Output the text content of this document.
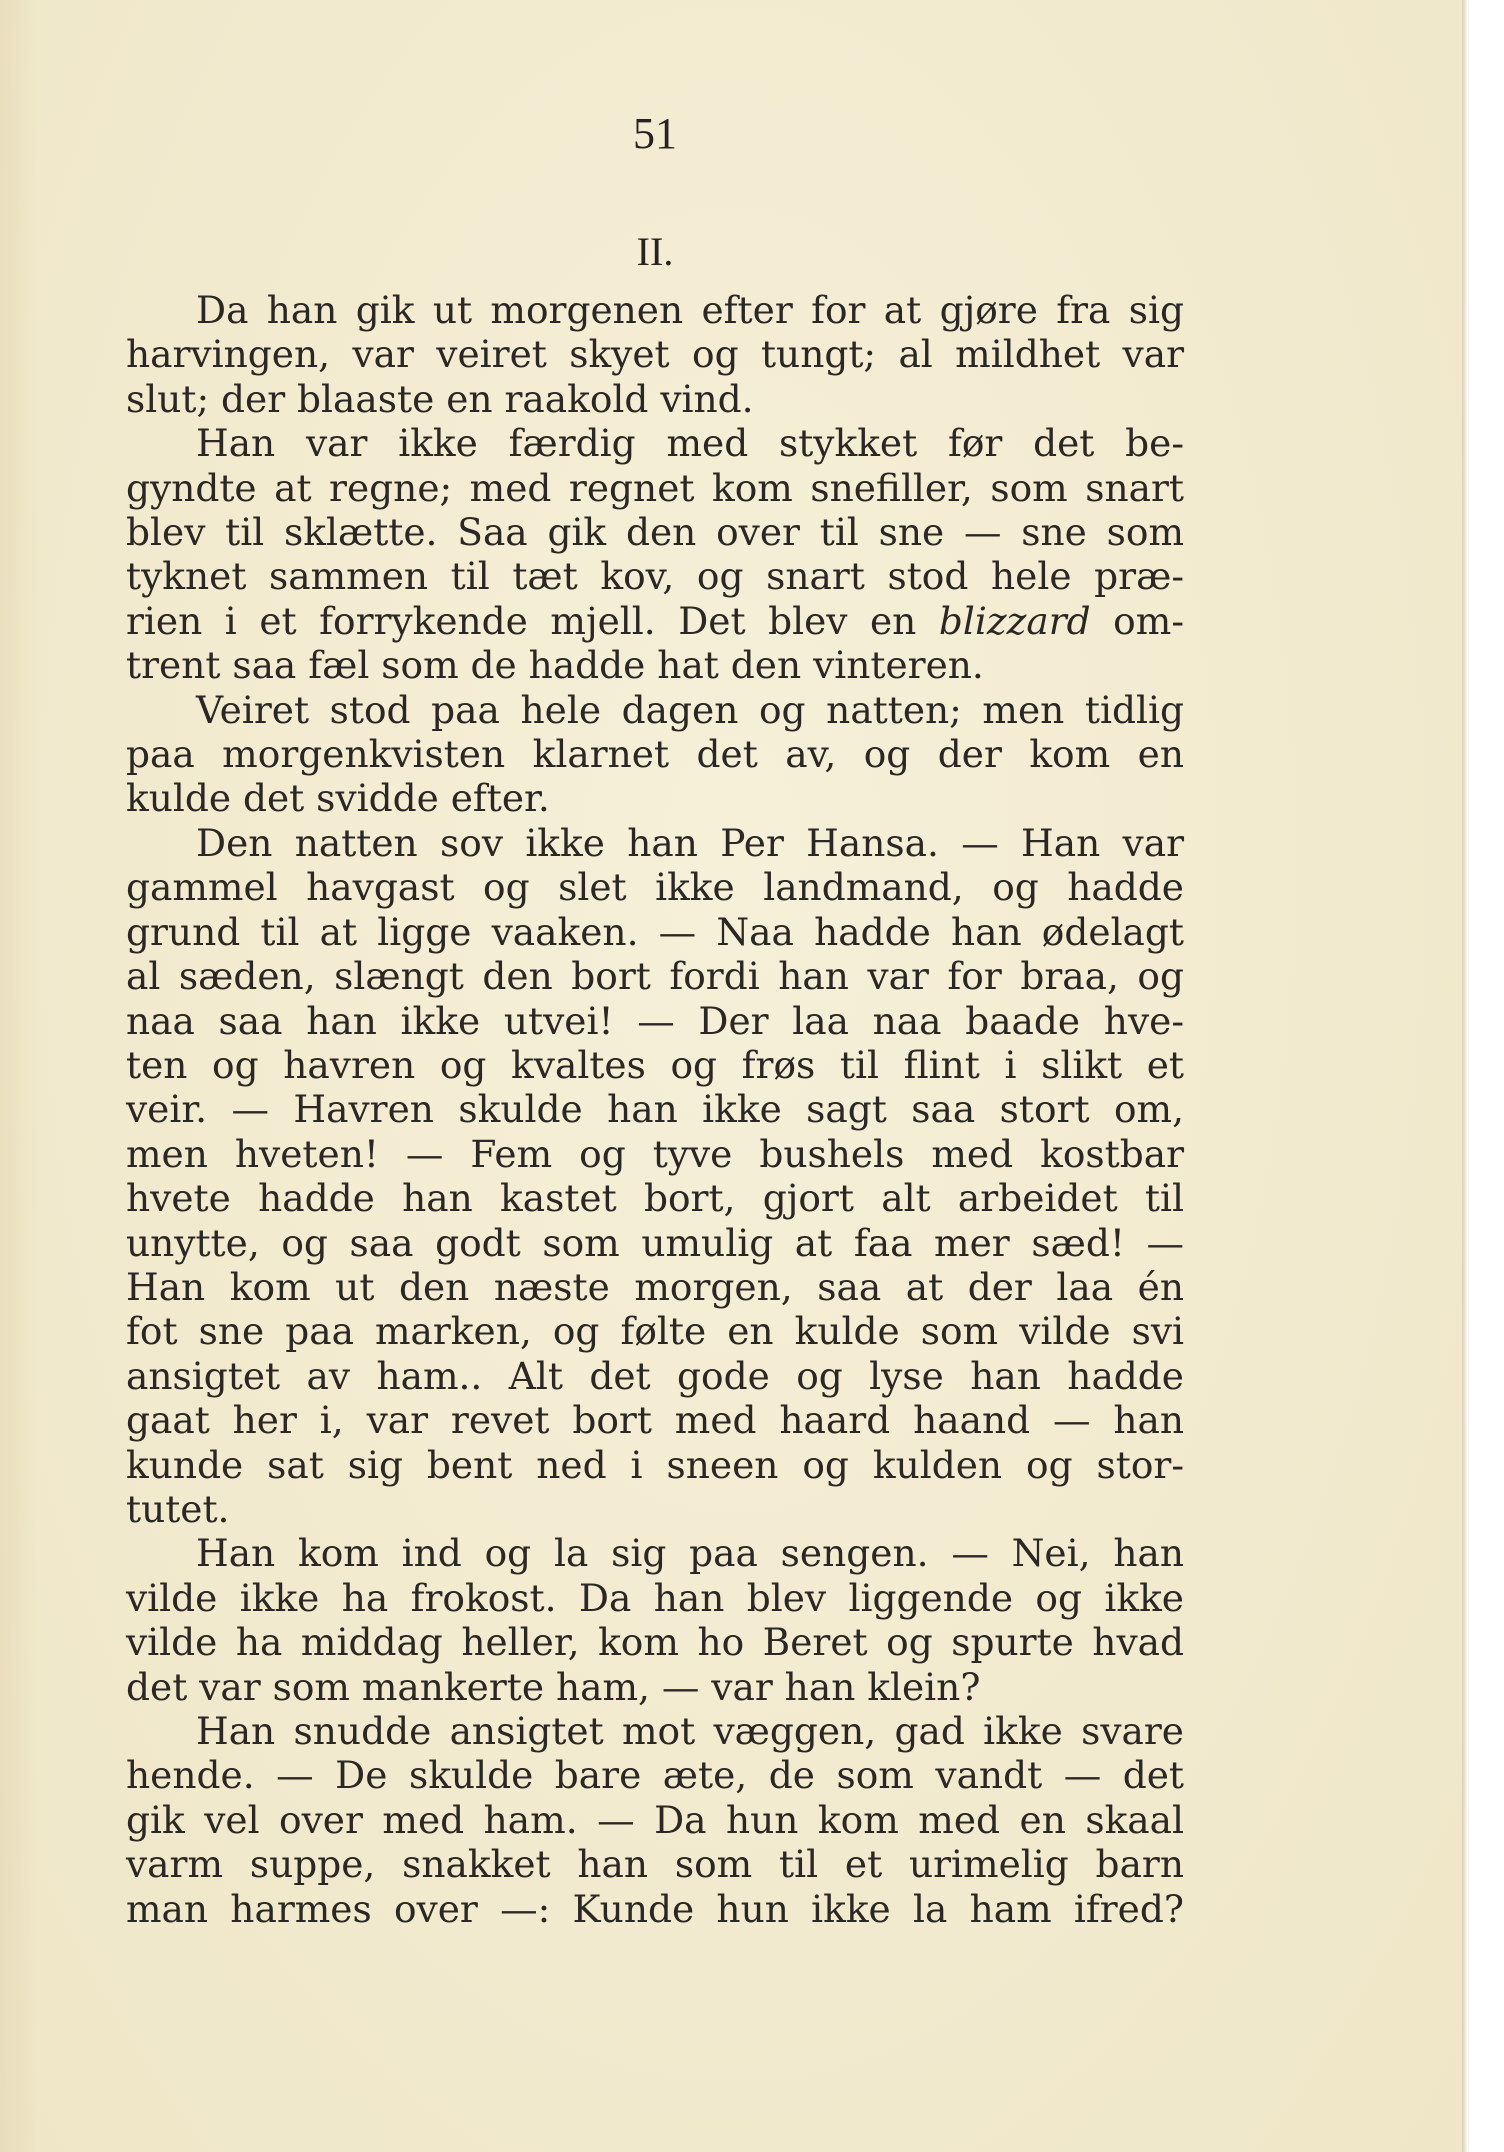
51
II.
Da han gik ut morgenen efter for at gjøre fra sig
harvingen, var veiret skyet og tungt; al mildhet var
slut; der blaaste en raakold vind.
Han var ikke færdig med stykket før det be-
gyndte at regne; med regnet kom snefiller, som snart
blev til sklætte. Saa gik den over til sne — sne som
tyknet sammen til tæt kov, og snart stod hele præ-
rien i et forrykende mjell. Det blev en blizzard om-
trent saa fæl som de hadde hat den vinteren.
Veiret stod paa hele dagen og natten; men tidlig
paa morgenkvisten klarnet det av, og der kom en
kulde det svidde efter.
Den natten sov ikke han Per Hansa. — Han var
gammel havgast og slet ikke landmand, og hadde
grund til at ligge vaaken. — Naa hadde han ødelagt
al sæden, slængt den bort fordi han var for braa, og
naa saa han ikke utvei! — Der laa naa baade hve-
ten og havren og kvaltes og frøs til flint i slikt et
veir. — Havren skulde han ikke sagt saa stort om,
men hveten! — Fem og tyve bushels med kostbar
hvete hadde han kastet bort, gjort alt arbeidet til
unytte, og saa godt som umulig at faa mer sæd! —
Han kom ut den næste morgen, saa at der laa én
fot sne paa marken, og følte en kulde som vilde svi
ansigtet av ham.. Alt det gode og lyse han hadde
gaat her i, var revet bort med haard haand — han
kunde sat sig bent ned i sneen og kulden og stor-
tutet.
Han kom ind og la sig paa sengen. — Nei, han
vilde ikke ha frokost. Da han blev liggende og ikke
vilde ha middag heller, kom ho Beret og spurte hvad
det var som mankerte ham, — var han klein?
Han snudde ansigtet mot væggen, gad ikke svare
hende. — De skulde bare æte, de som vandt — det
gik vel over med ham. — Da hun kom med en skaal
varm suppe, snakket han som til et urimelig barn
man harmes over —: Kunde hun ikke la ham ifred?
